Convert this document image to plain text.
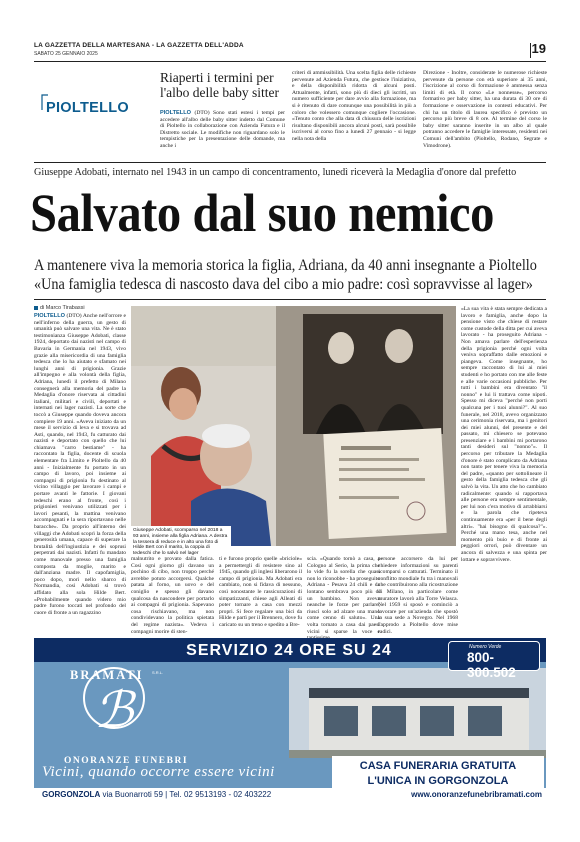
LA GAZZETTA DELLA MARTESANA - LA GAZZETTA DELL'ADDA
SABATO 25 GENNAIO 2025	19
PIOLTELLO
Riaperti i termini per l'albo delle baby sitter
PIOLTELLO (DTO) Sono stati estesi i tempi per accedere all'albo delle baby sitter indetto dal Comune di Pioltello in collaborazione con Azienda Futura e il Distretto sociale. Le modifiche non riguardano solo le tempistiche per la presentazione delle domande, ma anche i
criteri di ammissibilità. Una scelta figlia delle richieste pervenute ad Azienda Futura, che gestisce l'iniziativa, e della disponibilità ridotta di alcuni posti. Attualmente, infatti, sono più di dieci gli iscritti, un numero sufficiente per dare avvio alla formazione, ma si è ritenuto di dare comunque una possibilità in più a coloro che volessero comunque cogliere l'occasione. «Tenuto conto che alla data di chiusura delle iscrizioni risultano disponibili ancora alcuni posti, sarà possibile iscriversi al corso fino a lunedì 27 gennaio - si legge nella nota della
Direzione - Inoltre, considerate le numerose richieste pervenute da persone con età superiore ai 35 anni, l'iscrizione al corso di formazione è ammessa senza limiti di età. Il corso «Le nonnesse», percorso formativo per baby sitter, ha una durata di 30 ore di formazione e osservazione in contesti educativi. Per chi ha un titolo di laurea specifico è previsto un percorso più breve di 8 ore. Al termine del corso le baby sitter saranno inserite in un albo al quale potranno accedere le famiglie interessate, residenti nei Comuni dell'ambito (Pioltello, Rodano, Segrate e Vimodrone).
Giuseppe Adobati, internato nel 1943 in un campo di concentramento, lunedì riceverà la Medaglia d'onore dal prefetto
Salvato dal suo nemico
A mantenere viva la memoria storica la figlia, Adriana, da 40 anni insegnante a Pioltello
«Una famiglia tedesca di nascosto dava del cibo a mio padre: così sopravvisse al lager»
di Marco Tirabassi
PIOLTELLO (DTO) Anche nell'orrore e nell'inferno della guerra, un gesto di umanità può salvare una vita. Ne è stato testimonianza Giuseppe Adobati, classe 1924, deportato dai nazisti nel campo di Bavaria in Germania nel 1943, vivo grazie alla misericordia di una famiglia tedesca che lo ha aiutato e sfamato nei lunghi anni di prigionia. Grazie all'impegno e alla volontà della figlia, Adriana, lunedì il prefetto di Milano consegnerà alla memoria del padre la Medaglia d'onore riservata ai cittadini italiani, militari e civili, deportati e internati nei lager nazisti. La sorte che toccò a Giuseppe quando doveva ancora compiere 19 anni. «Aveva iniziato da un mese il servizio di leva e si trovava ad Asti, quando, nel 1943, fu catturato dai nazisti e deportato con quello che lui chiamava "carro bestiame" - ha raccontato la figlia, docente di scuola elementare fra Limito e Pioltello da 40 anni - Inizialmente fu portato in un campo di lavoro, poi insieme ai compagni di prigionia fu destinato al vicino villaggio per lavorare i campi e portare avanti le fattorie. I giovani tedeschi erano al fronte, così i prigionieri venivano utilizzati per i lavori pesanti, la mattina venivano accompagnati e la sera riportavano nelle baracche». Da proprio all'interno dei villaggi che Adobati scoprì la forza della generosità umana, capace di superare la brutalità dell'ingiustizia e dei soprusi perpetrati dai nazisti. Infatti fu mandato come manovale presso una famiglia composta da moglie, marito e dall'anziana madre. Il capofamiglia, poco dopo, morì nello sbarco di Normandia, così Adobati si trovò affidato alla sola Hilde Bert. «Probabilmente quando videro mio padre furono toccati nel profondo del cuore di fronte a un ragazzino
Giuseppe Adobati, scomparso nel 2018 a 93 anni, insieme alla figlia Adriana. A destra la tessera di reduce e in alto una foto di Hilde Bert con il marito, la coppia di tedeschi che lo salvò nel lager
malnutrito e provato dalla fatica. Così ogni giorno gli davano un pochino di cibo, non troppo perché avrebbe potuto accorgersi. Qualche patata al forno, un uovo e del coniglio e spesso gli davano qualcosa da nascondere per portarlo ai compagni di prigionia. Sapevano cosa rischiavano, ma non condividevano la politica spietata del regime nazista». Vedeva i compagni morire di sten-
ti e furono proprio quelle «briciole» a permettergli di resistere sino al 1945, quando gli inglesi liberarono il campo di prigionia. Ma Adobati era cambiato, non si fidava di nessuno, così nonostante le rassicurazioni di simpatizzanti, chiese agli Alleati di poter tornare a casa con mezzi propri. Si fece regalare una bici da Hilde e partì per il Brennero, dove fu caricato su un treno e spedito a Bre-
scia. «Quando tornò a casa, a Cologno al Serio, la prima che lo vide fu la sorella che quasi non lo riconobbe - ha proseguito Adriana - Pesava 24 chili e da lontano sembrava poco più di un bambino. Non aveva neanche le forze per parlare, riuscì solo ad alzare una mano come cenno di saluto». Una volta tornato a casa dai paesi vicini si sparse la voce e
persone accorsero da lui per chiedere informazioni su parenti scomparsi o catturati. Terminato il conflitto mondiale fu tra i manovali che contribuirono alla ricostruzione di Milano, in particolare come muratore lavorò alla Torre Velasca. Nel 1959 si sposò e cominciò a lavorare per un'azienda che spostò la sua sede a Novegro. Nel 1968 l'approdo a Pioltello dove mise radici.
«La sua vita è stata sempre dedicata a lavoro e famiglia, anche dopo la pensione visto che chiese di restare come custode della ditta per cui aveva lavorato - ha proseguito Adriana - Non amava parlare dell'esperienza della prigionia perché ogni volta veniva sopraffatto dalle emozioni e piangeva. Come insegnante, ho sempre raccontato di lui ai miei studenti e ho portato con me alle feste e alle varie occasioni pubbliche. Per tutti i bambini era diventato "il nonno" e lui li trattava come nipoti. Spesso mi diceva "perché non porti qualcuna per i tuoi alunni?". Al suo funerale, nel 2018, avevo organizzato una cerimonia riservata, ma i genitori dei miei alunni, del presente e del passato, mi chiesero se potevano presenziare e i bambini mi portarono tanti desideri sul "nonno"». Il percorso per tributare la Medaglia d'onore è stato complicato da Adriana non tanto per tenere viva la memoria del padre, «quanto per sottolineare il gesto della famiglia tedesca che gli salvò la vita. Un atto che ho cambiato radicalmente: quando si rapportava alle persone era sempre sentimentale, per lui non c'era motivo di arrabbiarsi e la parola che ripeteva continuamente era «per il bene degli altri». "hai bisogno di qualcosa?"». Perché una mano tesa, anche nel momento più buio e di fronte ai peggiori orrori, può diventare un ancora di salvezza e una spinta per lottare e sopravvivere.
SERVIZIO 24 ORE SU 24	Numero Verde
800-300.502
BRAMATI S.R.L.
ℬ
ONORANZE FUNEBRI
Vicini, quando occorre essere vicini	CASA FUNERARIA GRATUITA
L'UNICA IN GORGONZOLA
GORGONZOLA via Buonarroti 59 | Tel. 02 9513193 - 02 403222	www.onoranzefunebribramati.com
